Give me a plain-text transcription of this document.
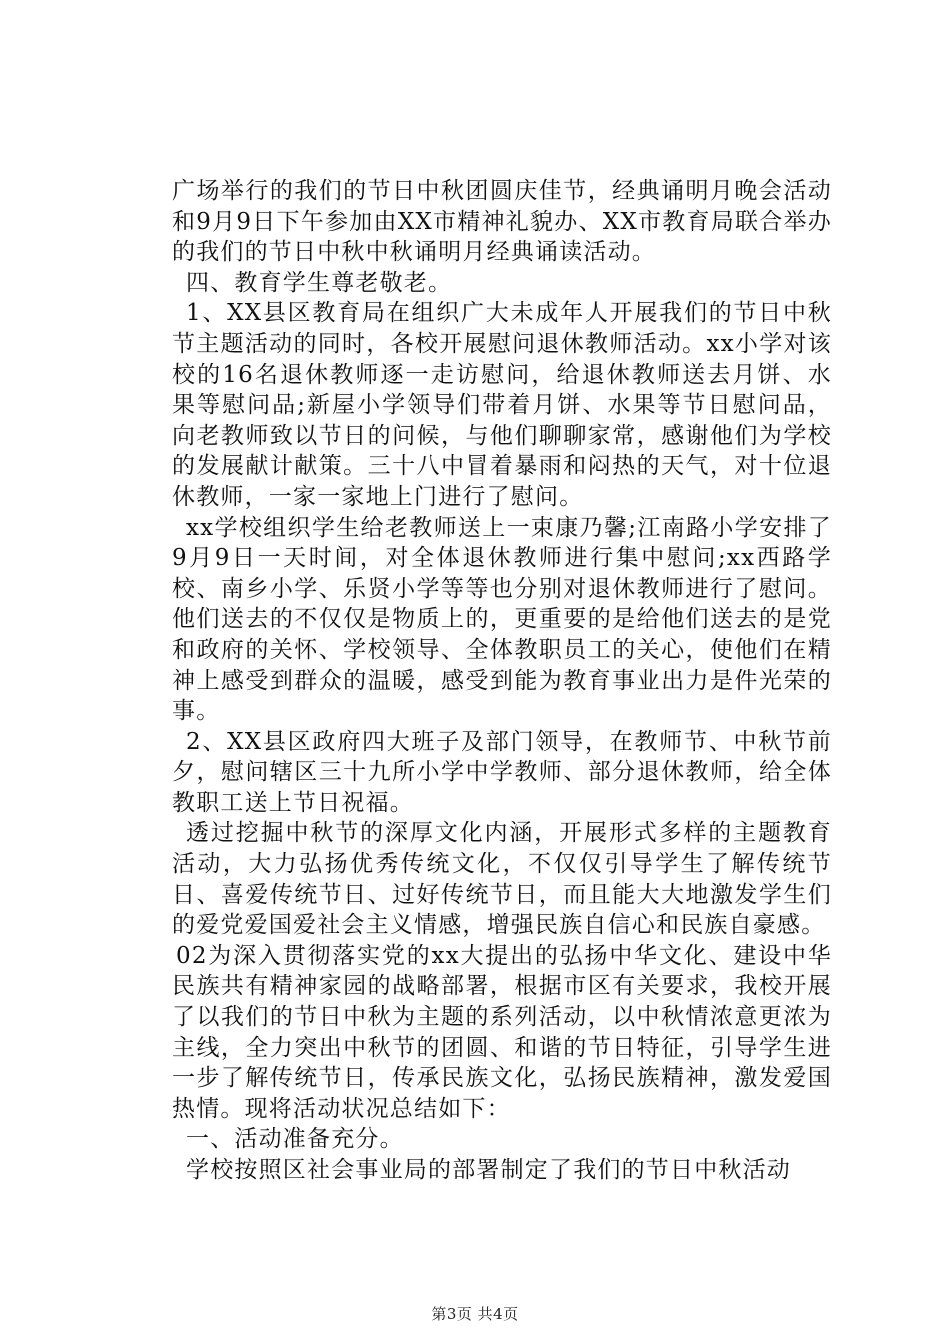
广场举行的我们的节日中秋团圆庆佳节，经典诵明月晚会活动和9月9日下午参加由XX市精神礼貌办、XX市教育局联合举办的我们的节日中秋中秋诵明月经典诵读活动。

四、教育学生尊老敬老。

1、XX县区教育局在组织广大未成年人开展我们的节日中秋节主题活动的同时，各校开展慰问退休教师活动。xx小学对该校的16名退休教师逐一走访慰问，给退休教师送去月饼、水果等慰问品;新屋小学领导们带着月饼、水果等节日慰问品，向老教师致以节日的问候，与他们聊聊家常，感谢他们为学校的发展献计献策。三十八中冒着暴雨和闷热的天气，对十位退休教师，一家一家地上门进行了慰问。

xx学校组织学生给老教师送上一束康乃馨;江南路小学安排了9月9日一天时间，对全体退休教师进行集中慰问;xx西路学校、南乡小学、乐贤小学等等也分别对退休教师进行了慰问。他们送去的不仅仅是物质上的，更重要的是给他们送去的是党和政府的关怀、学校领导、全体教职员工的关心，使他们在精神上感受到群众的温暖，感受到能为教育事业出力是件光荣的事。

2、XX县区政府四大班子及部门领导，在教师节、中秋节前夕，慰问辖区三十九所小学中学教师、部分退休教师，给全体教职工送上节日祝福。

透过挖掘中秋节的深厚文化内涵，开展形式多样的主题教育活动，大力弘扬优秀传统文化，不仅仅引导学生了解传统节日、喜爱传统节日、过好传统节日，而且能大大地激发学生们的爱党爱国爱社会主义情感，增强民族自信心和民族自豪感。

02为深入贯彻落实党的xx大提出的弘扬中华文化、建设中华民族共有精神家园的战略部署，根据市区有关要求，我校开展了以我们的节日中秋为主题的系列活动，以中秋情浓意更浓为主线，全力突出中秋节的团圆、和谐的节日特征，引导学生进一步了解传统节日，传承民族文化，弘扬民族精神，激发爱国热情。现将活动状况总结如下：

一、活动准备充分。

学校按照区社会事业局的部署制定了我们的节日中秋活动

第3页 共4页
